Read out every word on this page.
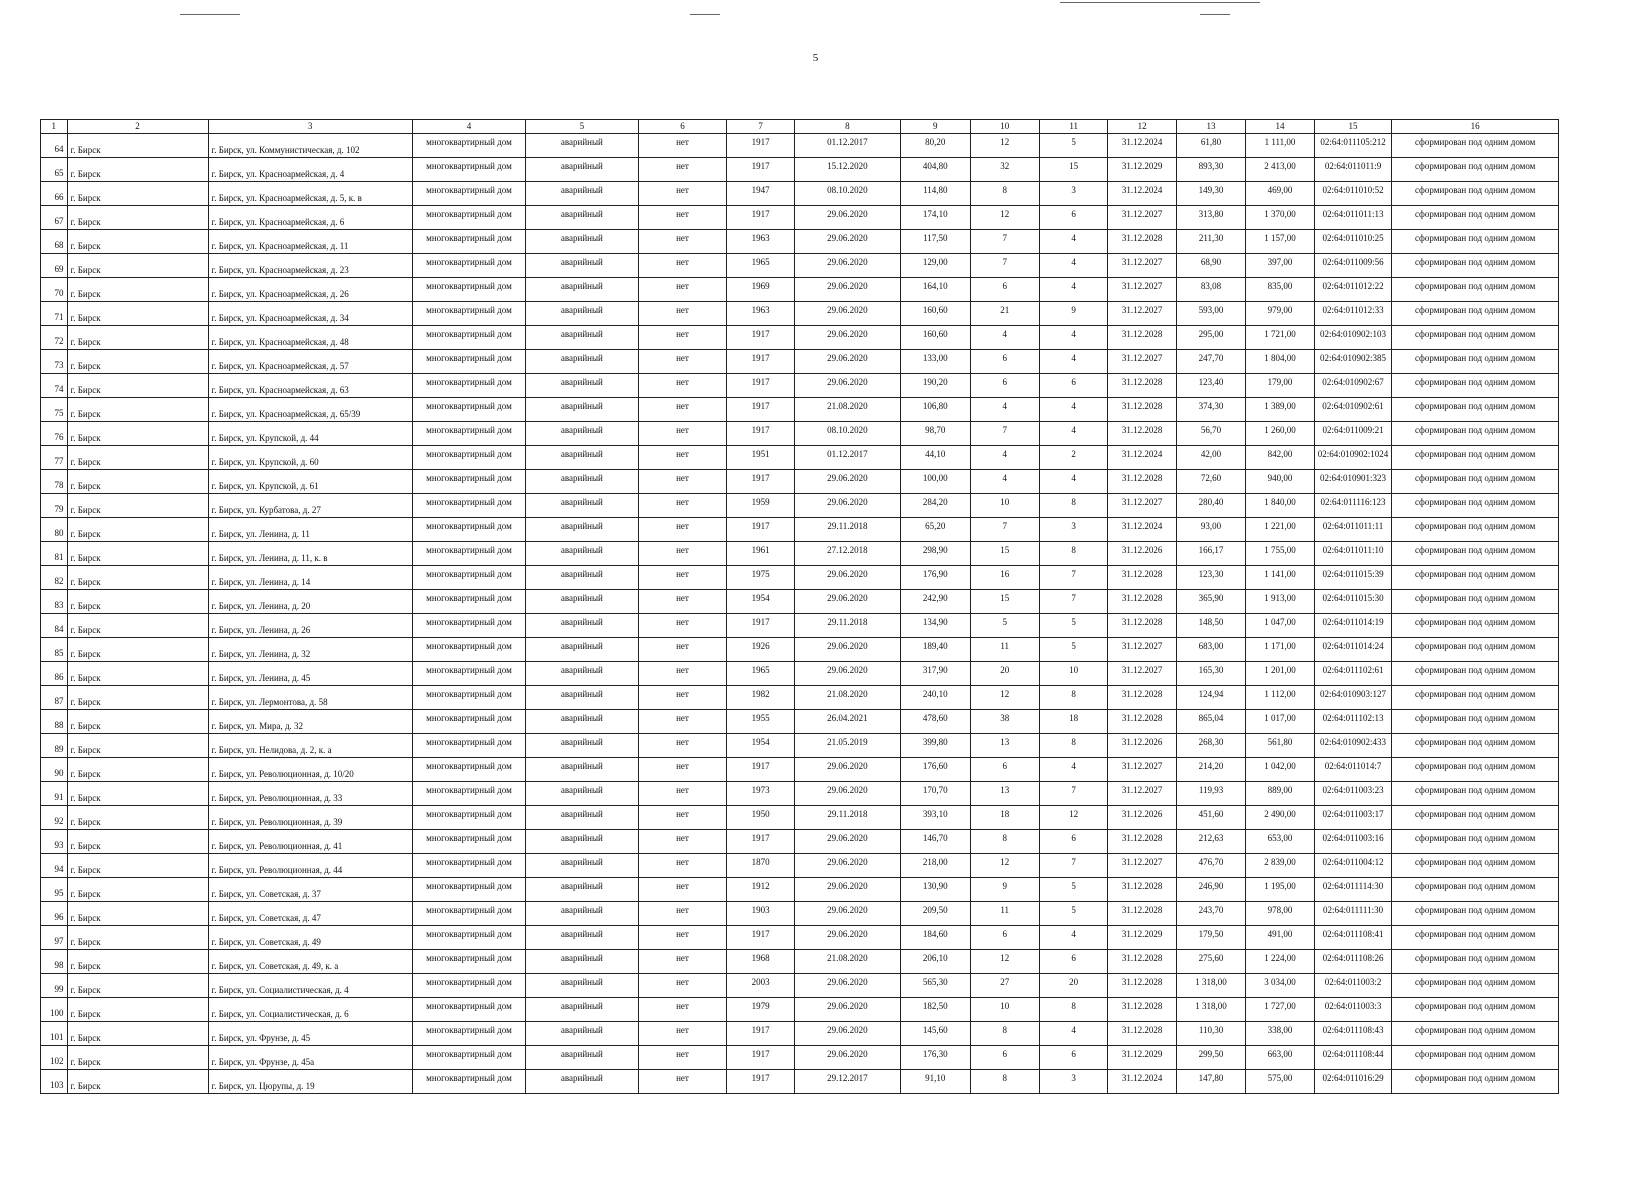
5
1	2	3	4	5	6	7	8	9	10	11	12	13	14	15	16
64	г. Бирск	г. Бирск, ул. Коммунистическая, д. 102	многоквартирный дом	аварийный	нет	1917	01.12.2017	80,20	12	5	31.12.2024	61,80	1 111,00	02:64:011105:212	сформирован под одним домом
65	г. Бирск	г. Бирск, ул. Красноармейская, д. 4	многоквартирный дом	аварийный	нет	1917	15.12.2020	404,80	32	15	31.12.2029	893,30	2 413,00	02:64:011011:9	сформирован под одним домом
66	г. Бирск	г. Бирск, ул. Красноармейская, д. 5, к. в	многоквартирный дом	аварийный	нет	1947	08.10.2020	114,80	8	3	31.12.2024	149,30	469,00	02:64:011010:52	сформирован под одним домом
67	г. Бирск	г. Бирск, ул. Красноармейская, д. 6	многоквартирный дом	аварийный	нет	1917	29.06.2020	174,10	12	6	31.12.2027	313,80	1 370,00	02:64:011011:13	сформирован под одним домом
68	г. Бирск	г. Бирск, ул. Красноармейская, д. 11	многоквартирный дом	аварийный	нет	1963	29.06.2020	117,50	7	4	31.12.2028	211,30	1 157,00	02:64:011010:25	сформирован под одним домом
69	г. Бирск	г. Бирск, ул. Красноармейская, д. 23	многоквартирный дом	аварийный	нет	1965	29.06.2020	129,00	7	4	31.12.2027	68,90	397,00	02:64:011009:56	сформирован под одним домом
70	г. Бирск	г. Бирск, ул. Красноармейская, д. 26	многоквартирный дом	аварийный	нет	1969	29.06.2020	164,10	6	4	31.12.2027	83,08	835,00	02:64:011012:22	сформирован под одним домом
71	г. Бирск	г. Бирск, ул. Красноармейская, д. 34	многоквартирный дом	аварийный	нет	1963	29.06.2020	160,60	21	9	31.12.2027	593,00	979,00	02:64:011012:33	сформирован под одним домом
72	г. Бирск	г. Бирск, ул. Красноармейская, д. 48	многоквартирный дом	аварийный	нет	1917	29.06.2020	160,60	4	4	31.12.2028	295,00	1 721,00	02:64:010902:103	сформирован под одним домом
73	г. Бирск	г. Бирск, ул. Красноармейская, д. 57	многоквартирный дом	аварийный	нет	1917	29.06.2020	133,00	6	4	31.12.2027	247,70	1 804,00	02:64:010902:385	сформирован под одним домом
74	г. Бирск	г. Бирск, ул. Красноармейская, д. 63	многоквартирный дом	аварийный	нет	1917	29.06.2020	190,20	6	6	31.12.2028	123,40	179,00	02:64:010902:67	сформирован под одним домом
75	г. Бирск	г. Бирск, ул. Красноармейская, д. 65/39	многоквартирный дом	аварийный	нет	1917	21.08.2020	106,80	4	4	31.12.2028	374,30	1 389,00	02:64:010902:61	сформирован под одним домом
76	г. Бирск	г. Бирск, ул. Крупской, д. 44	многоквартирный дом	аварийный	нет	1917	08.10.2020	98,70	7	4	31.12.2028	56,70	1 260,00	02:64:011009:21	сформирован под одним домом
77	г. Бирск	г. Бирск, ул. Крупской, д. 60	многоквартирный дом	аварийный	нет	1951	01.12.2017	44,10	4	2	31.12.2024	42,00	842,00	02:64:010902:1024	сформирован под одним домом
78	г. Бирск	г. Бирск, ул. Крупской, д. 61	многоквартирный дом	аварийный	нет	1917	29.06.2020	100,00	4	4	31.12.2028	72,60	940,00	02:64:010901:323	сформирован под одним домом
79	г. Бирск	г. Бирск, ул. Курбатова, д. 27	многоквартирный дом	аварийный	нет	1959	29.06.2020	284,20	10	8	31.12.2027	280,40	1 840,00	02:64:011116:123	сформирован под одним домом
80	г. Бирск	г. Бирск, ул. Ленина, д. 11	многоквартирный дом	аварийный	нет	1917	29.11.2018	65,20	7	3	31.12.2024	93,00	1 221,00	02:64:011011:11	сформирован под одним домом
81	г. Бирск	г. Бирск, ул. Ленина, д. 11, к. в	многоквартирный дом	аварийный	нет	1961	27.12.2018	298,90	15	8	31.12.2026	166,17	1 755,00	02:64:011011:10	сформирован под одним домом
82	г. Бирск	г. Бирск, ул. Ленина, д. 14	многоквартирный дом	аварийный	нет	1975	29.06.2020	176,90	16	7	31.12.2028	123,30	1 141,00	02:64:011015:39	сформирован под одним домом
83	г. Бирск	г. Бирск, ул. Ленина, д. 20	многоквартирный дом	аварийный	нет	1954	29.06.2020	242,90	15	7	31.12.2028	365,90	1 913,00	02:64:011015:30	сформирован под одним домом
84	г. Бирск	г. Бирск, ул. Ленина, д. 26	многоквартирный дом	аварийный	нет	1917	29.11.2018	134,90	5	5	31.12.2028	148,50	1 047,00	02:64:011014:19	сформирован под одним домом
85	г. Бирск	г. Бирск, ул. Ленина, д. 32	многоквартирный дом	аварийный	нет	1926	29.06.2020	189,40	11	5	31.12.2027	683,00	1 171,00	02:64:011014:24	сформирован под одним домом
86	г. Бирск	г. Бирск, ул. Ленина, д. 45	многоквартирный дом	аварийный	нет	1965	29.06.2020	317,90	20	10	31.12.2027	165,30	1 201,00	02:64:011102:61	сформирован под одним домом
87	г. Бирск	г. Бирск, ул. Лермонтова, д. 58	многоквартирный дом	аварийный	нет	1982	21.08.2020	240,10	12	8	31.12.2028	124,94	1 112,00	02:64:010903:127	сформирован под одним домом
88	г. Бирск	г. Бирск, ул. Мира, д. 32	многоквартирный дом	аварийный	нет	1955	26.04.2021	478,60	38	18	31.12.2028	865,04	1 017,00	02:64:011102:13	сформирован под одним домом
89	г. Бирск	г. Бирск, ул. Нелидова, д. 2, к. а	многоквартирный дом	аварийный	нет	1954	21.05.2019	399,80	13	8	31.12.2026	268,30	561,80	02:64:010902:433	сформирован под одним домом
90	г. Бирск	г. Бирск, ул. Революционная, д. 10/20	многоквартирный дом	аварийный	нет	1917	29.06.2020	176,60	6	4	31.12.2027	214,20	1 042,00	02:64:011014:7	сформирован под одним домом
91	г. Бирск	г. Бирск, ул. Революционная, д. 33	многоквартирный дом	аварийный	нет	1973	29.06.2020	170,70	13	7	31.12.2027	119,93	889,00	02:64:011003:23	сформирован под одним домом
92	г. Бирск	г. Бирск, ул. Революционная, д. 39	многоквартирный дом	аварийный	нет	1950	29.11.2018	393,10	18	12	31.12.2026	451,60	2 490,00	02:64:011003:17	сформирован под одним домом
93	г. Бирск	г. Бирск, ул. Революционная, д. 41	многоквартирный дом	аварийный	нет	1917	29.06.2020	146,70	8	6	31.12.2028	212,63	653,00	02:64:011003:16	сформирован под одним домом
94	г. Бирск	г. Бирск, ул. Революционная, д. 44	многоквартирный дом	аварийный	нет	1870	29.06.2020	218,00	12	7	31.12.2027	476,70	2 839,00	02:64:011004:12	сформирован под одним домом
95	г. Бирск	г. Бирск, ул. Советская, д. 37	многоквартирный дом	аварийный	нет	1912	29.06.2020	130,90	9	5	31.12.2028	246,90	1 195,00	02:64:011114:30	сформирован под одним домом
96	г. Бирск	г. Бирск, ул. Советская, д. 47	многоквартирный дом	аварийный	нет	1903	29.06.2020	209,50	11	5	31.12.2028	243,70	978,00	02:64:011111:30	сформирован под одним домом
97	г. Бирск	г. Бирск, ул. Советская, д. 49	многоквартирный дом	аварийный	нет	1917	29.06.2020	184,60	6	4	31.12.2029	179,50	491,00	02:64:011108:41	сформирован под одним домом
98	г. Бирск	г. Бирск, ул. Советская, д. 49, к. а	многоквартирный дом	аварийный	нет	1968	21.08.2020	206,10	12	6	31.12.2028	275,60	1 224,00	02:64:011108:26	сформирован под одним домом
99	г. Бирск	г. Бирск, ул. Социалистическая, д. 4	многоквартирный дом	аварийный	нет	2003	29.06.2020	565,30	27	20	31.12.2028	1 318,00	3 034,00	02:64:011003:2	сформирован под одним домом
100	г. Бирск	г. Бирск, ул. Социалистическая, д. 6	многоквартирный дом	аварийный	нет	1979	29.06.2020	182,50	10	8	31.12.2028	1 318,00	1 727,00	02:64:011003:3	сформирован под одним домом
101	г. Бирск	г. Бирск, ул. Фрунзе, д. 45	многоквартирный дом	аварийный	нет	1917	29.06.2020	145,60	8	4	31.12.2028	110,30	338,00	02:64:011108:43	сформирован под одним домом
102	г. Бирск	г. Бирск, ул. Фрунзе, д. 45а	многоквартирный дом	аварийный	нет	1917	29.06.2020	176,30	6	6	31.12.2029	299,50	663,00	02:64:011108:44	сформирован под одним домом
103	г. Бирск	г. Бирск, ул. Цюрупы, д. 19	многоквартирный дом	аварийный	нет	1917	29.12.2017	91,10	8	3	31.12.2024	147,80	575,00	02:64:011016:29	сформирован под одним домом
